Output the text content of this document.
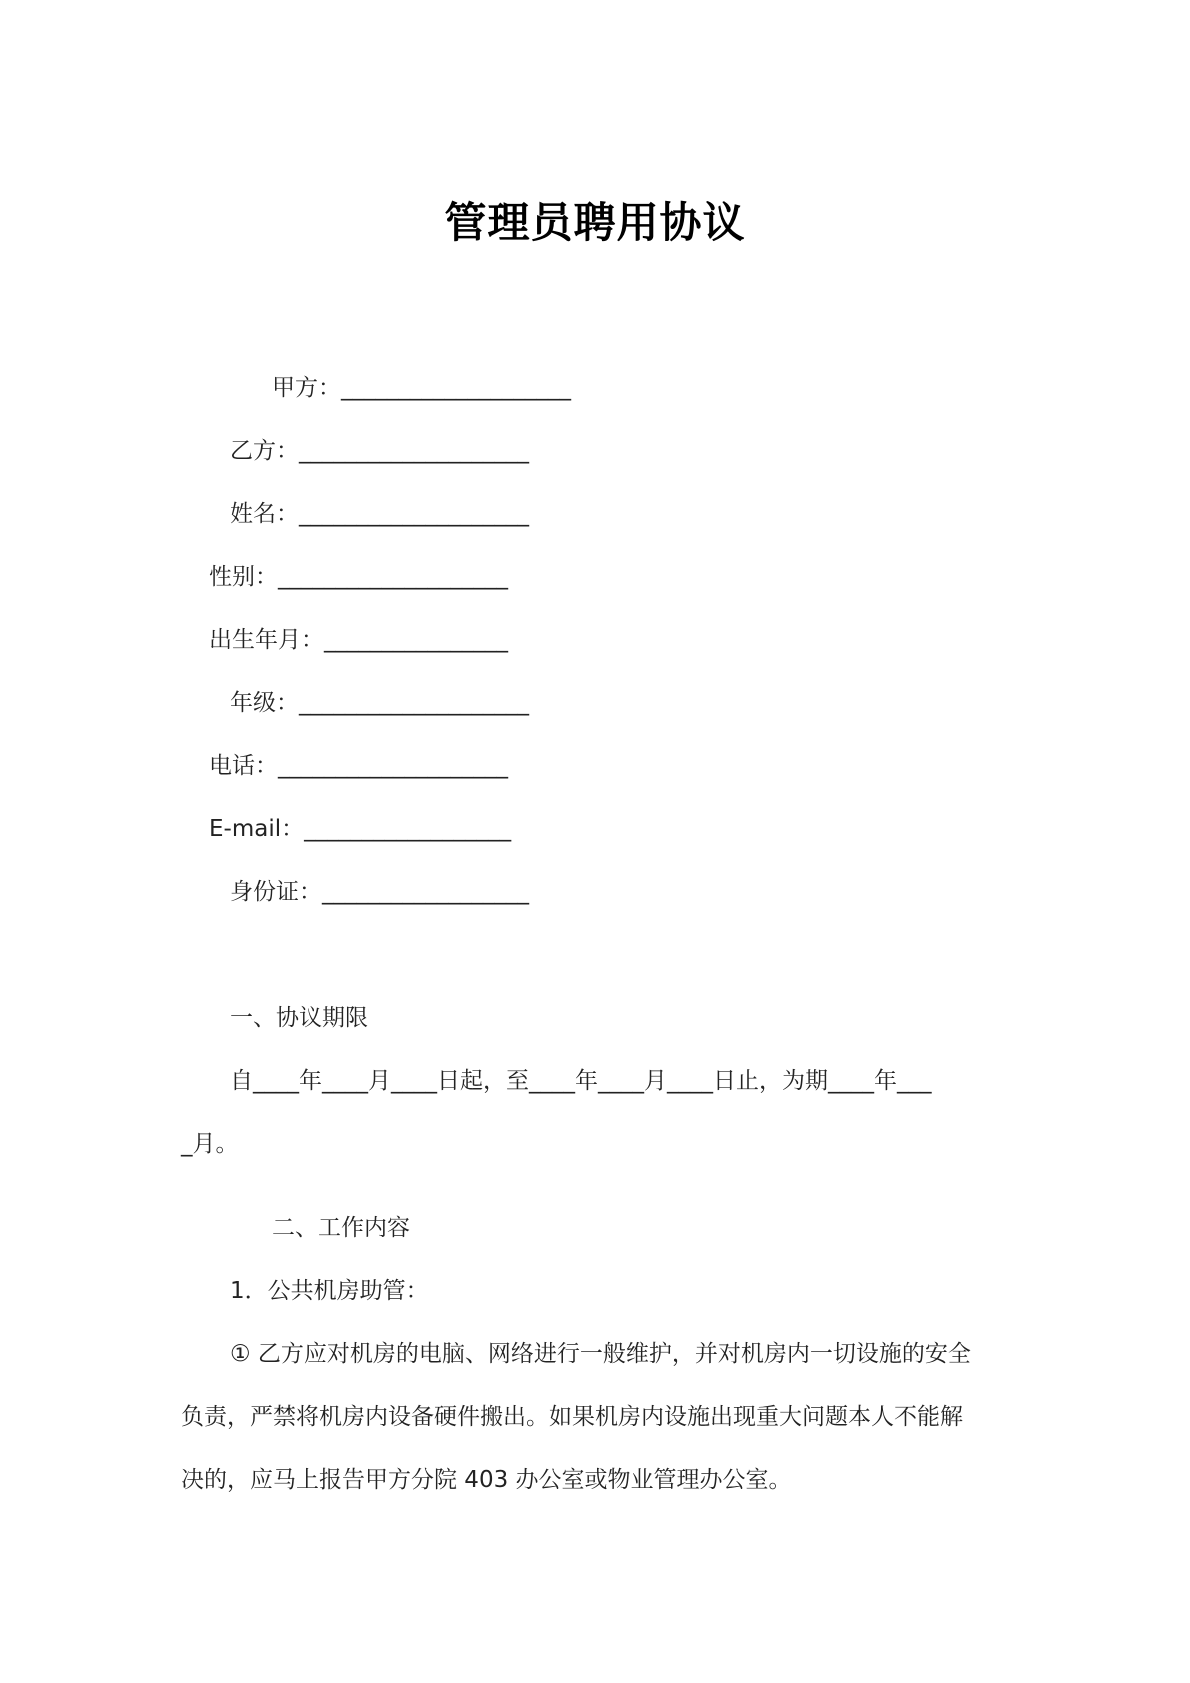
管理员聘用协议
甲方：____________________
乙方：____________________
姓名：____________________
性别：____________________
出生年月：________________
年级：____________________
电话：____________________
E-mail：__________________
身份证：__________________
一、协议期限
自____年____月____日起，至____年____月____日止，为期____年___
_月。
二、工作内容
1．公共机房助管：
① 乙方应对机房的电脑、网络进行一般维护，并对机房内一切设施的安全
负责，严禁将机房内设备硬件搬出。如果机房内设施出现重大问题本人不能解
决的，应马上报告甲方分院 403 办公室或物业管理办公室。
